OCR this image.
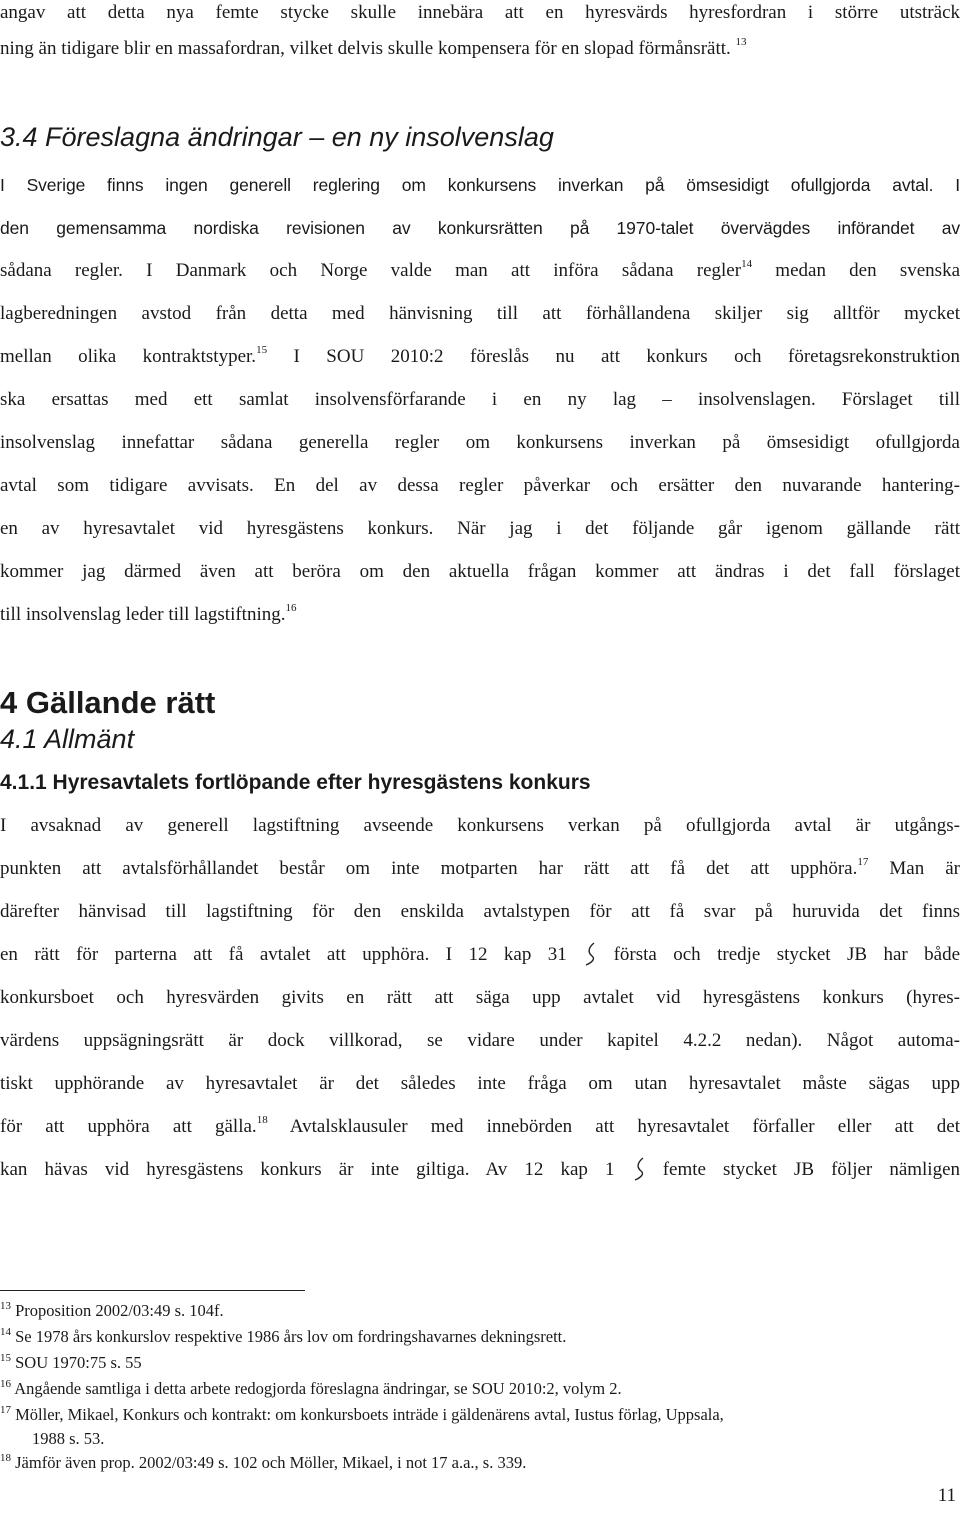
angav att detta nya femte stycke skulle innebära att en hyresvärds hyresfordran i större utsträck
ning än tidigare blir en massafordran, vilket delvis skulle kompensera för en slopad förmånsrätt. $^{13}$
3.4 Föreslagna ändringar – en ny insolvenslag
I Sverige finns ingen generell reglering om konkursens inverkan på ömsesidigt ofullgjorda avtal. I
den gemensamma nordiska revisionen av konkursrätten på 1970-talet övervägdes införandet av
sådana regler. I Danmark och Norge valde man att införa sådana regler$^{14}$ medan den svenska
lagberedningen avstod från detta med hänvisning till att förhållandena skiljer sig alltför mycket
mellan olika kontraktstyper.$^{15}$ I SOU 2010:2 föreslås nu att konkurs och företagsrekonstruktion
ska ersattas med ett samlat insolvensförfarande i en ny lag – insolvenslagen. Förslaget till
insolvenslag innefattar sådana generella regler om konkursens inverkan på ömsesidigt ofullgjorda
avtal som tidigare avvisats. En del av dessa regler påverkar och ersätter den nuvarande hantering-
en av hyresavtalet vid hyresgästens konkurs. När jag i det följande går igenom gällande rätt
kommer jag därmed även att beröra om den aktuella frågan kommer att ändras i det fall förslaget
till insolvenslag leder till lagstiftning.$^{16}$
4 Gällande rätt
4.1 Allmänt
4.1.1 Hyresavtalets fortlöpande efter hyresgästens konkurs
I avsaknad av generell lagstiftning avseende konkursens verkan på ofullgjorda avtal är utgångs-
punkten att avtalsförhållandet består om inte motparten har rätt att få det att upphöra.$^{17}$ Man är
därefter hänvisad till lagstiftning för den enskilda avtalstypen för att få svar på huruvida det finns
en rätt för parterna att få avtalet att upphöra. I 12 kap 31 första och tredje stycket JB har både
konkursboet och hyresvärden givits en rätt att säga upp avtalet vid hyresgästens konkurs (hyres-
värdens uppsägningsrätt är dock villkorad, se vidare under kapitel 4.2.2 nedan). Något automa-
tiskt upphörande av hyresavtalet är det således inte fråga om utan hyresavtalet måste sägas upp
för att upphöra att gälla.$^{18}$ Avtalsklausuler med innebörden att hyresavtalet förfaller eller att det
kan hävas vid hyresgästens konkurs är inte giltiga. Av 12 kap 1	femte stycket JB följer nämligen
$^{13}$ Proposition 2002/03:49 s. 104f.
$^{14}$ Se 1978 års konkurslov respektive 1986 års lov om fordringshavarnes dekningsrett.
$^{15}$ SOU 1970:75 s. 55
$^{16}$ Angående samtliga i detta arbete redogjorda föreslagna ändringar, se SOU 2010:2, volym 2.
$^{17}$ Möller, Mikael, Konkurs och kontrakt: om konkursboets inträde i gäldenärens avtal, Iustus förlag, Uppsala,
1988 s. 53.
$^{18}$ Jämför även prop. 2002/03:49 s. 102 och Möller, Mikael, i not 17 a.a., s. 339.
11
